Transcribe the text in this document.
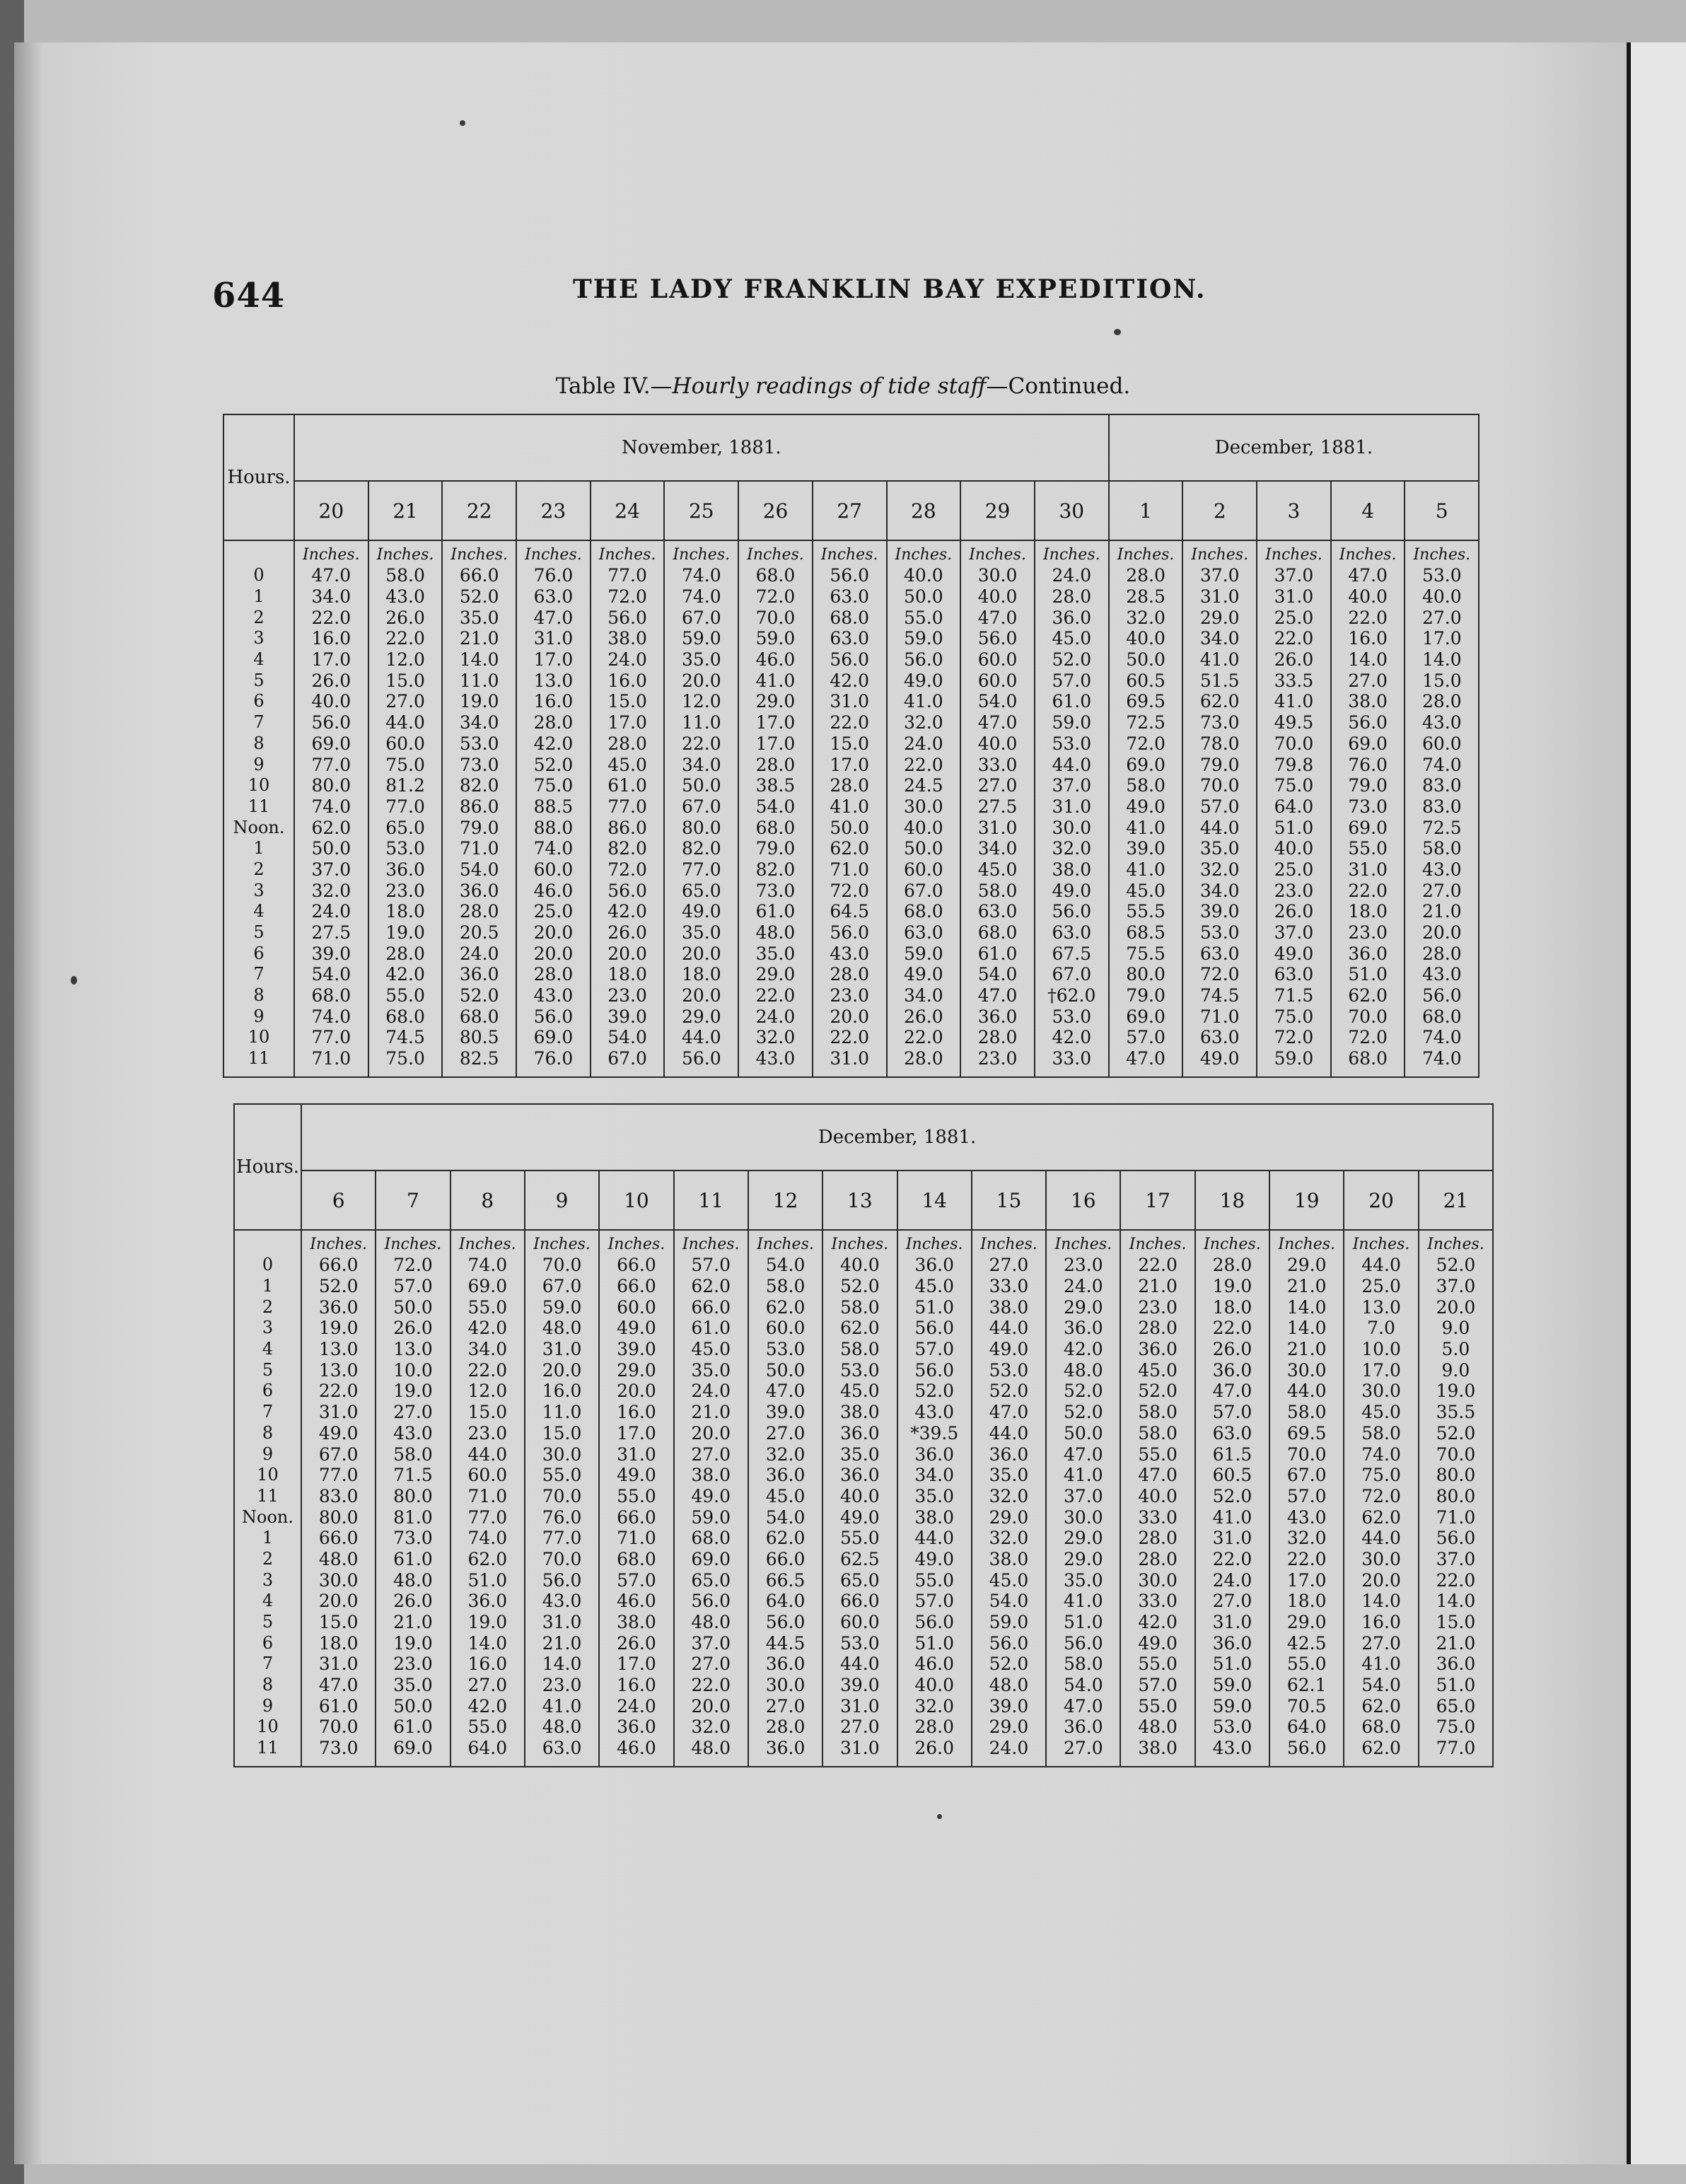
644	THE LADY FRANKLIN BAY EXPEDITION.
Table IV.—Hourly readings of tide staff—Continued.
Hours.	November, 1881.											December, 1881.				
	20	21	22	23	24	25	26	27	28	29	30	1	2	3	4	5
	Inches.	Inches.	Inches.	Inches.	Inches.	Inches.	Inches.	Inches.	Inches.	Inches.	Inches.	Inches.	Inches.	Inches.	Inches.	Inches.
0	47.0	58.0	66.0	76.0	77.0	74.0	68.0	56.0	40.0	30.0	24.0	28.0	37.0	37.0	47.0	53.0
1	34.0	43.0	52.0	63.0	72.0	74.0	72.0	63.0	50.0	40.0	28.0	28.5	31.0	31.0	40.0	40.0
2	22.0	26.0	35.0	47.0	56.0	67.0	70.0	68.0	55.0	47.0	36.0	32.0	29.0	25.0	22.0	27.0
3	16.0	22.0	21.0	31.0	38.0	59.0	59.0	63.0	59.0	56.0	45.0	40.0	34.0	22.0	16.0	17.0
4	17.0	12.0	14.0	17.0	24.0	35.0	46.0	56.0	56.0	60.0	52.0	50.0	41.0	26.0	14.0	14.0
5	26.0	15.0	11.0	13.0	16.0	20.0	41.0	42.0	49.0	60.0	57.0	60.5	51.5	33.5	27.0	15.0
6	40.0	27.0	19.0	16.0	15.0	12.0	29.0	31.0	41.0	54.0	61.0	69.5	62.0	41.0	38.0	28.0
7	56.0	44.0	34.0	28.0	17.0	11.0	17.0	22.0	32.0	47.0	59.0	72.5	73.0	49.5	56.0	43.0
8	69.0	60.0	53.0	42.0	28.0	22.0	17.0	15.0	24.0	40.0	53.0	72.0	78.0	70.0	69.0	60.0
9	77.0	75.0	73.0	52.0	45.0	34.0	28.0	17.0	22.0	33.0	44.0	69.0	79.0	79.8	76.0	74.0
10	80.0	81.2	82.0	75.0	61.0	50.0	38.5	28.0	24.5	27.0	37.0	58.0	70.0	75.0	79.0	83.0
11	74.0	77.0	86.0	88.5	77.0	67.0	54.0	41.0	30.0	27.5	31.0	49.0	57.0	64.0	73.0	83.0
Noon.	62.0	65.0	79.0	88.0	86.0	80.0	68.0	50.0	40.0	31.0	30.0	41.0	44.0	51.0	69.0	72.5
1	50.0	53.0	71.0	74.0	82.0	82.0	79.0	62.0	50.0	34.0	32.0	39.0	35.0	40.0	55.0	58.0
2	37.0	36.0	54.0	60.0	72.0	77.0	82.0	71.0	60.0	45.0	38.0	41.0	32.0	25.0	31.0	43.0
3	32.0	23.0	36.0	46.0	56.0	65.0	73.0	72.0	67.0	58.0	49.0	45.0	34.0	23.0	22.0	27.0
4	24.0	18.0	28.0	25.0	42.0	49.0	61.0	64.5	68.0	63.0	56.0	55.5	39.0	26.0	18.0	21.0
5	27.5	19.0	20.5	20.0	26.0	35.0	48.0	56.0	63.0	68.0	63.0	68.5	53.0	37.0	23.0	20.0
6	39.0	28.0	24.0	20.0	20.0	20.0	35.0	43.0	59.0	61.0	67.5	75.5	63.0	49.0	36.0	28.0
7	54.0	42.0	36.0	28.0	18.0	18.0	29.0	28.0	49.0	54.0	67.0	80.0	72.0	63.0	51.0	43.0
8	68.0	55.0	52.0	43.0	23.0	20.0	22.0	23.0	34.0	47.0	†62.0	79.0	74.5	71.5	62.0	56.0
9	74.0	68.0	68.0	56.0	39.0	29.0	24.0	20.0	26.0	36.0	53.0	69.0	71.0	75.0	70.0	68.0
10	77.0	74.5	80.5	69.0	54.0	44.0	32.0	22.0	22.0	28.0	42.0	57.0	63.0	72.0	72.0	74.0
11	71.0	75.0	82.5	76.0	67.0	56.0	43.0	31.0	28.0	23.0	33.0	47.0	49.0	59.0	68.0	74.0
Hours.	December, 1881.															
	6	7	8	9	10	11	12	13	14	15	16	17	18	19	20	21
	Inches.	Inches.	Inches.	Inches.	Inches.	Inches.	Inches.	Inches.	Inches.	Inches.	Inches.	Inches.	Inches.	Inches.	Inches.	Inches.
0	66.0	72.0	74.0	70.0	66.0	57.0	54.0	40.0	36.0	27.0	23.0	22.0	28.0	29.0	44.0	52.0
1	52.0	57.0	69.0	67.0	66.0	62.0	58.0	52.0	45.0	33.0	24.0	21.0	19.0	21.0	25.0	37.0
2	36.0	50.0	55.0	59.0	60.0	66.0	62.0	58.0	51.0	38.0	29.0	23.0	18.0	14.0	13.0	20.0
3	19.0	26.0	42.0	48.0	49.0	61.0	60.0	62.0	56.0	44.0	36.0	28.0	22.0	14.0	7.0	9.0
4	13.0	13.0	34.0	31.0	39.0	45.0	53.0	58.0	57.0	49.0	42.0	36.0	26.0	21.0	10.0	5.0
5	13.0	10.0	22.0	20.0	29.0	35.0	50.0	53.0	56.0	53.0	48.0	45.0	36.0	30.0	17.0	9.0
6	22.0	19.0	12.0	16.0	20.0	24.0	47.0	45.0	52.0	52.0	52.0	52.0	47.0	44.0	30.0	19.0
7	31.0	27.0	15.0	11.0	16.0	21.0	39.0	38.0	43.0	47.0	52.0	58.0	57.0	58.0	45.0	35.5
8	49.0	43.0	23.0	15.0	17.0	20.0	27.0	36.0	*39.5	44.0	50.0	58.0	63.0	69.5	58.0	52.0
9	67.0	58.0	44.0	30.0	31.0	27.0	32.0	35.0	36.0	36.0	47.0	55.0	61.5	70.0	74.0	70.0
10	77.0	71.5	60.0	55.0	49.0	38.0	36.0	36.0	34.0	35.0	41.0	47.0	60.5	67.0	75.0	80.0
11	83.0	80.0	71.0	70.0	55.0	49.0	45.0	40.0	35.0	32.0	37.0	40.0	52.0	57.0	72.0	80.0
Noon.	80.0	81.0	77.0	76.0	66.0	59.0	54.0	49.0	38.0	29.0	30.0	33.0	41.0	43.0	62.0	71.0
1	66.0	73.0	74.0	77.0	71.0	68.0	62.0	55.0	44.0	32.0	29.0	28.0	31.0	32.0	44.0	56.0
2	48.0	61.0	62.0	70.0	68.0	69.0	66.0	62.5	49.0	38.0	29.0	28.0	22.0	22.0	30.0	37.0
3	30.0	48.0	51.0	56.0	57.0	65.0	66.5	65.0	55.0	45.0	35.0	30.0	24.0	17.0	20.0	22.0
4	20.0	26.0	36.0	43.0	46.0	56.0	64.0	66.0	57.0	54.0	41.0	33.0	27.0	18.0	14.0	14.0
5	15.0	21.0	19.0	31.0	38.0	48.0	56.0	60.0	56.0	59.0	51.0	42.0	31.0	29.0	16.0	15.0
6	18.0	19.0	14.0	21.0	26.0	37.0	44.5	53.0	51.0	56.0	56.0	49.0	36.0	42.5	27.0	21.0
7	31.0	23.0	16.0	14.0	17.0	27.0	36.0	44.0	46.0	52.0	58.0	55.0	51.0	55.0	41.0	36.0
8	47.0	35.0	27.0	23.0	16.0	22.0	30.0	39.0	40.0	48.0	54.0	57.0	59.0	62.1	54.0	51.0
9	61.0	50.0	42.0	41.0	24.0	20.0	27.0	31.0	32.0	39.0	47.0	55.0	59.0	70.5	62.0	65.0
10	70.0	61.0	55.0	48.0	36.0	32.0	28.0	27.0	28.0	29.0	36.0	48.0	53.0	64.0	68.0	75.0
11	73.0	69.0	64.0	63.0	46.0	48.0	36.0	31.0	26.0	24.0	27.0	38.0	43.0	56.0	62.0	77.0
